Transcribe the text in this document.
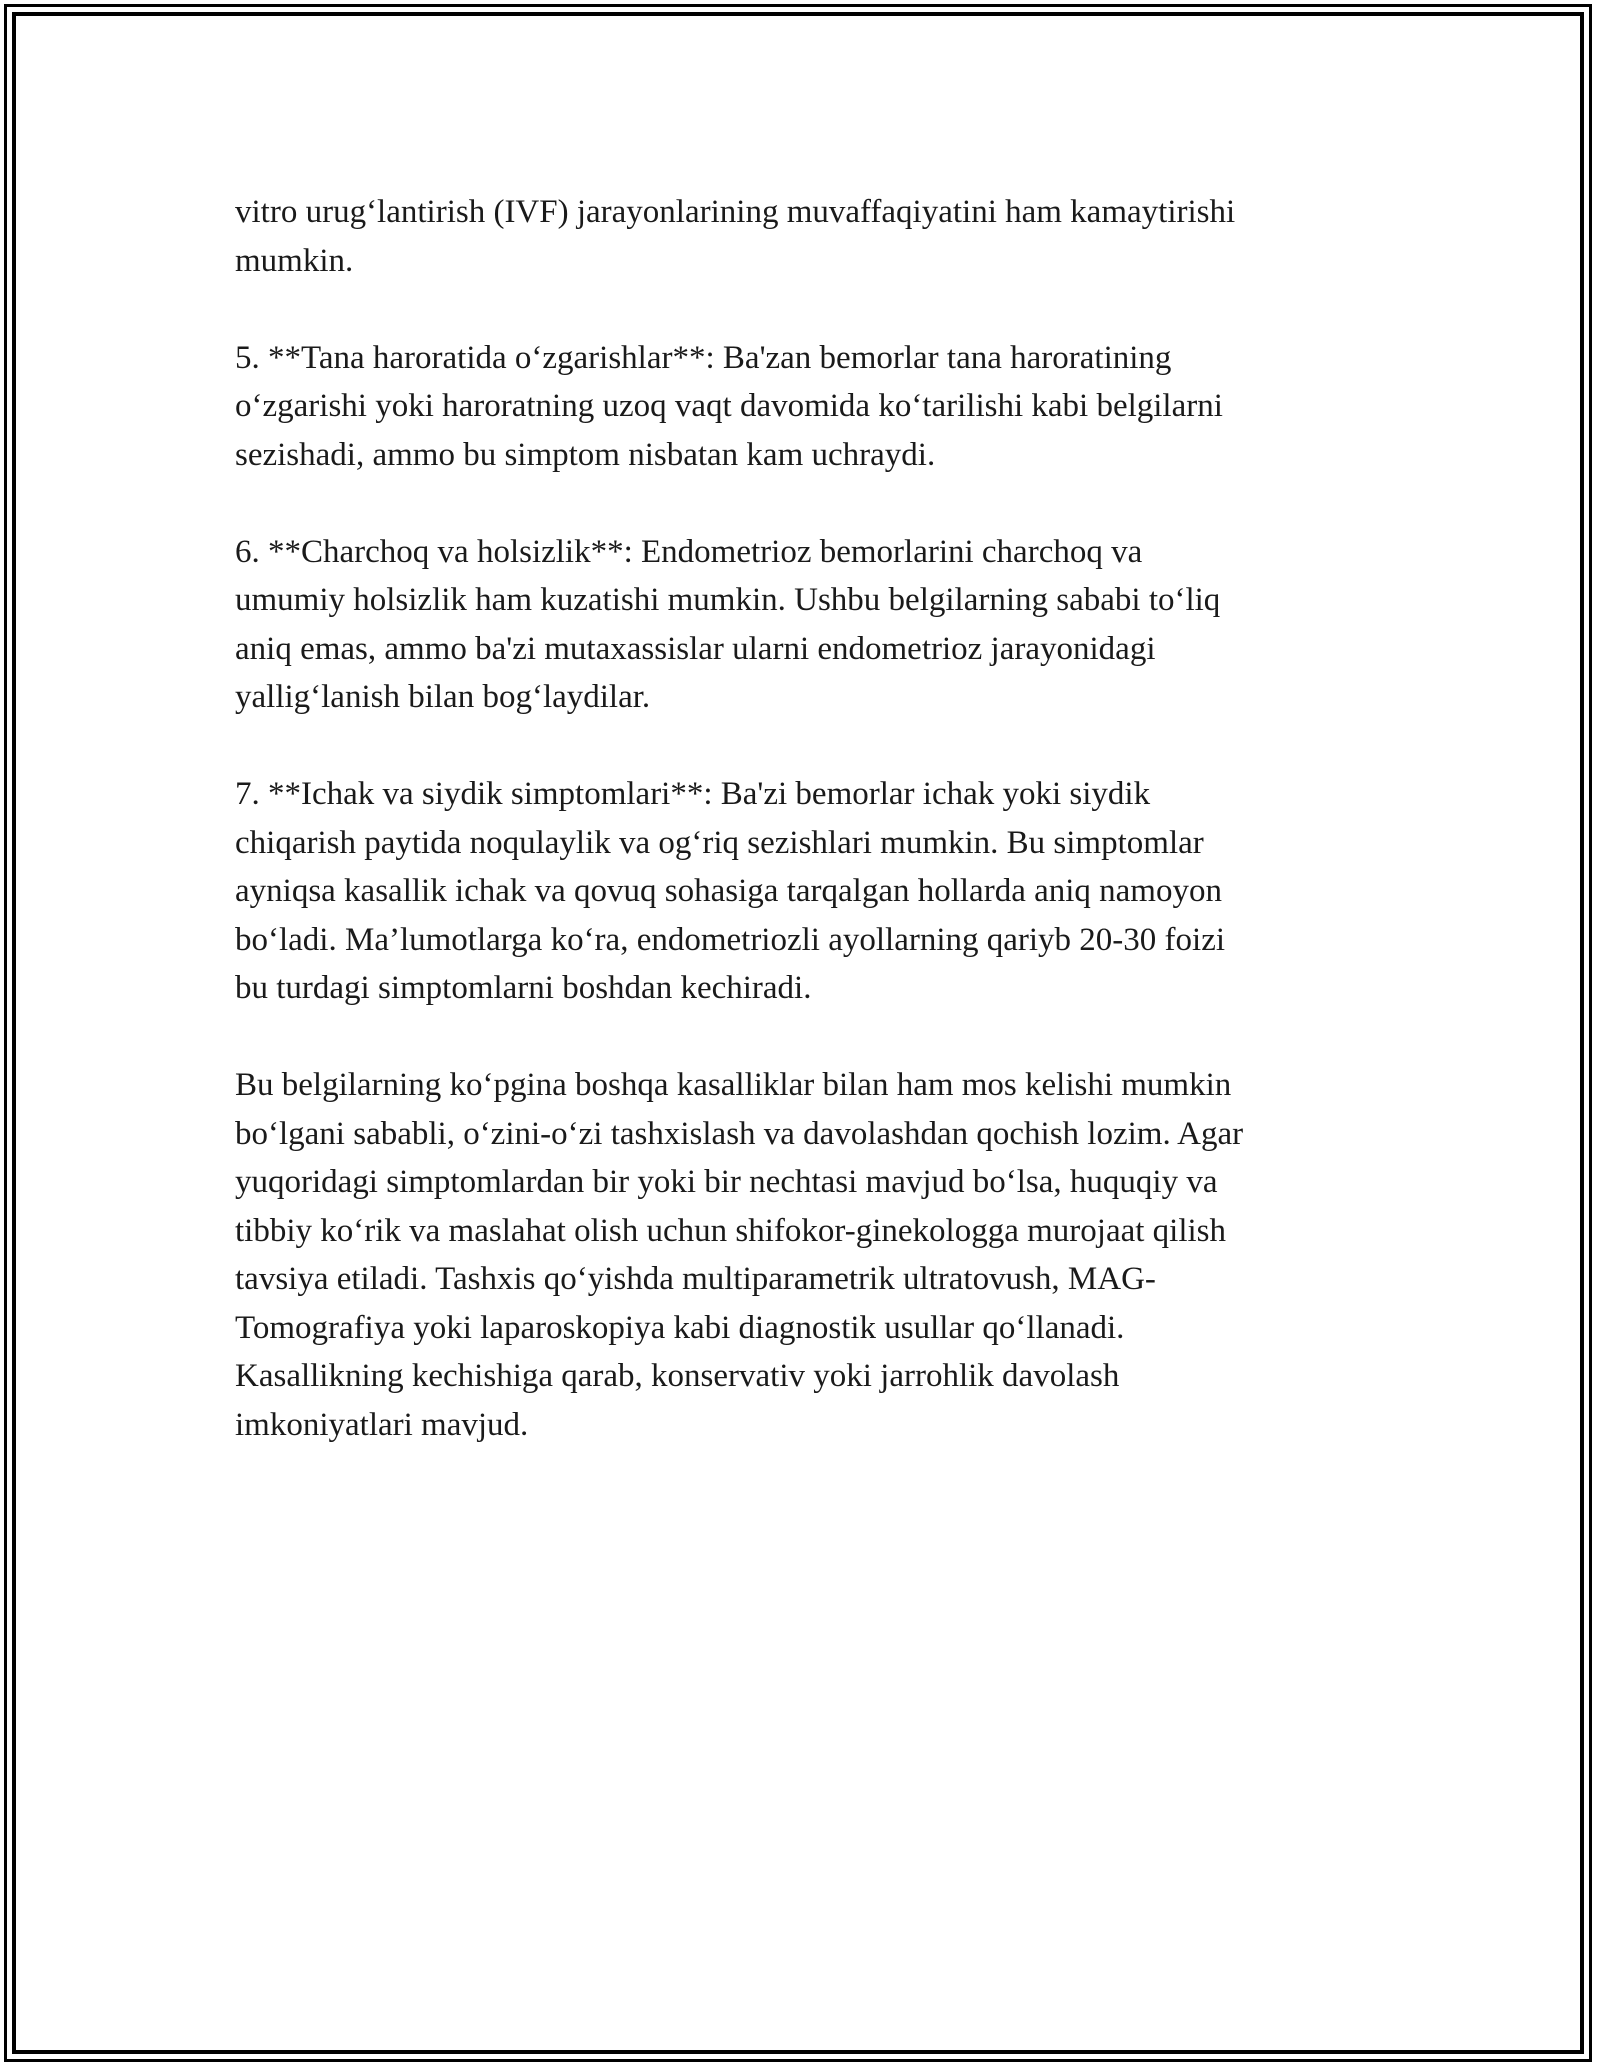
vitro urug‘lantirish (IVF) jarayonlarining muvaffaqiyatini ham kamaytirishi
mumkin.

5. **Tana haroratida o‘zgarishlar**: Ba'zan bemorlar tana haroratining
o‘zgarishi yoki haroratning uzoq vaqt davomida ko‘tarilishi kabi belgilarni
sezishadi, ammo bu simptom nisbatan kam uchraydi.

6. **Charchoq va holsizlik**: Endometrioz bemorlarini charchoq va
umumiy holsizlik ham kuzatishi mumkin. Ushbu belgilarning sababi to‘liq
aniq emas, ammo ba'zi mutaxassislar ularni endometrioz jarayonidagi
yallig‘lanish bilan bog‘laydilar.

7. **Ichak va siydik simptomlari**: Ba'zi bemorlar ichak yoki siydik
chiqarish paytida noqulaylik va og‘riq sezishlari mumkin. Bu simptomlar
ayniqsa kasallik ichak va qovuq sohasiga tarqalgan hollarda aniq namoyon
bo‘ladi. Ma’lumotlarga ko‘ra, endometriozli ayollarning qariyb 20-30 foizi
bu turdagi simptomlarni boshdan kechiradi.

Bu belgilarning ko‘pgina boshqa kasalliklar bilan ham mos kelishi mumkin
bo‘lgani sababli, o‘zini-o‘zi tashxislash va davolashdan qochish lozim. Agar
yuqoridagi simptomlardan bir yoki bir nechtasi mavjud bo‘lsa, huquqiy va
tibbiy ko‘rik va maslahat olish uchun shifokor-ginekologga murojaat qilish
tavsiya etiladi. Tashxis qo‘yishda multiparametrik ultratovush, MAG-
Tomografiya yoki laparoskopiya kabi diagnostik usullar qo‘llanadi.
Kasallikning kechishiga qarab, konservativ yoki jarrohlik davolash
imkoniyatlari mavjud.
